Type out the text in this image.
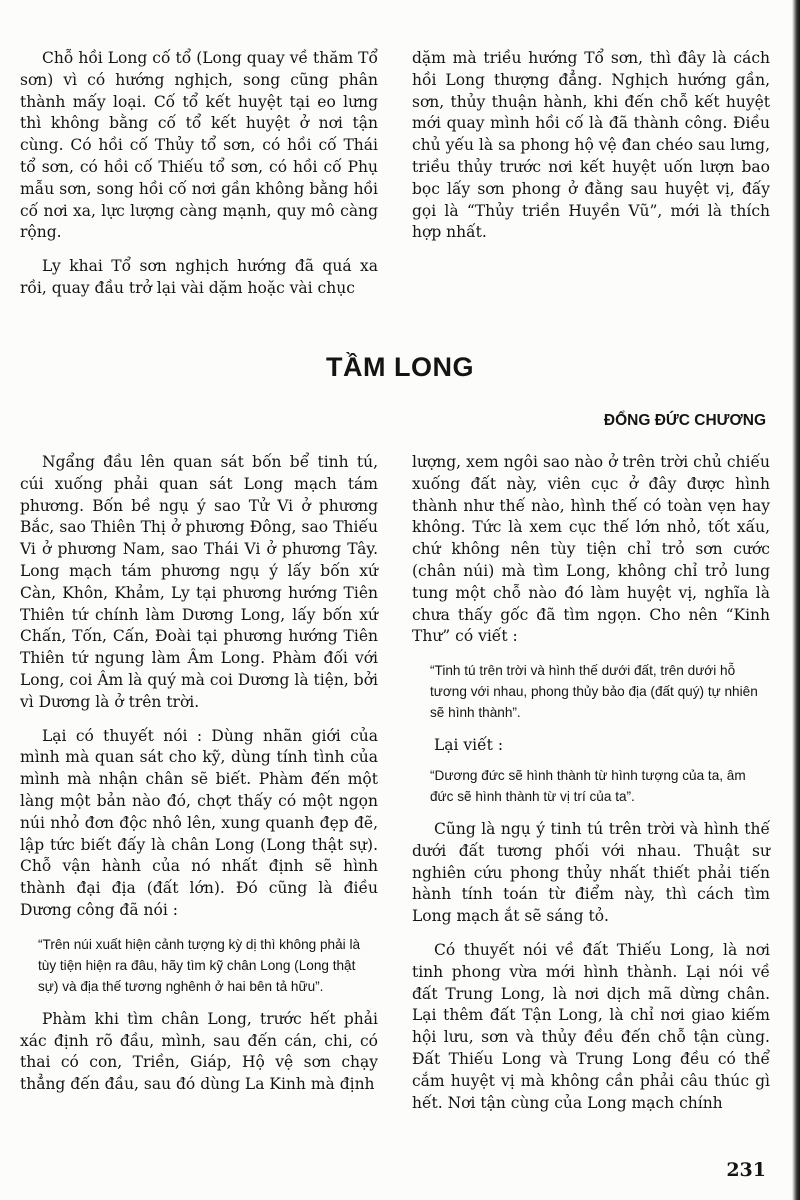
Chỗ hồi Long cố tổ (Long quay về thăm Tổ sơn) vì có hướng nghịch, song cũng phân thành mấy loại. Cố tổ kết huyệt tại eo lưng thì không bằng cố tổ kết huyệt ở nơi tận cùng. Có hồi cố Thủy tổ sơn, có hồi cố Thái tổ sơn, có hồi cố Thiếu tổ sơn, có hồi cố Phụ mẫu sơn, song hồi cố nơi gần không bằng hồi cố nơi xa, lực lượng càng mạnh, quy mô càng rộng.

Ly khai Tổ sơn nghịch hướng đã quá xa rồi, quay đầu trở lại vài dặm hoặc vài chục

dặm mà triều hướng Tổ sơn, thì đây là cách hồi Long thượng đẳng. Nghịch hướng gần, sơn, thủy thuận hành, khi đến chỗ kết huyệt mới quay mình hồi cố là đã thành công. Điều chủ yếu là sa phong hộ vệ đan chéo sau lưng, triều thủy trước nơi kết huyệt uốn lượn bao bọc lấy sơn phong ở đằng sau huyệt vị, đấy gọi là “Thủy triền Huyền Vũ”, mới là thích hợp nhất.

TẦM LONG
ĐỔNG ĐỨC CHƯƠNG

Ngẩng đầu lên quan sát bốn bể tinh tú, cúi xuống phải quan sát Long mạch tám phương. Bốn bề ngụ ý sao Tử Vi ở phương Bắc, sao Thiên Thị ở phương Đông, sao Thiếu Vi ở phương Nam, sao Thái Vi ở phương Tây. Long mạch tám phương ngụ ý lấy bốn xứ Càn, Khôn, Khảm, Ly tại phương hướng Tiên Thiên tứ chính làm Dương Long, lấy bốn xứ Chấn, Tốn, Cấn, Đoài tại phương hướng Tiên Thiên tứ ngung làm Âm Long. Phàm đối với Long, coi Âm là quý mà coi Dương là tiện, bởi vì Dương là ở trên trời.

Lại có thuyết nói : Dùng nhãn giới của mình mà quan sát cho kỹ, dùng tính tình của mình mà nhận chân sẽ biết. Phàm đến một làng một bản nào đó, chợt thấy có một ngọn núi nhỏ đơn độc nhô lên, xung quanh đẹp đẽ, lập tức biết đấy là chân Long (Long thật sự). Chỗ vận hành của nó nhất định sẽ hình thành đại địa (đất lớn). Đó cũng là điều Dương công đã nói :

“Trên núi xuất hiện cảnh tượng kỳ dị thì không phải là tùy tiện hiện ra đâu, hãy tìm kỹ chân Long (Long thật sự) và địa thế tương nghênh ở hai bên tả hữu”.

Phàm khi tìm chân Long, trước hết phải xác định rõ đầu, mình, sau đến cán, chi, có thai có con, Triền, Giáp, Hộ vệ sơn chạy thẳng đến đầu, sau đó dùng La Kinh mà định

lượng, xem ngôi sao nào ở trên trời chủ chiếu xuống đất này, viên cục ở đây được hình thành như thế nào, hình thế có toàn vẹn hay không. Tức là xem cục thế lớn nhỏ, tốt xấu, chứ không nên tùy tiện chỉ trỏ sơn cước (chân núi) mà tìm Long, không chỉ trỏ lung tung một chỗ nào đó làm huyệt vị, nghĩa là chưa thấy gốc đã tìm ngọn. Cho nên “Kinh Thư” có viết :

“Tinh tú trên trời và hình thế dưới đất, trên dưới hỗ tương với nhau, phong thủy bảo địa (đất quý) tự nhiên sẽ hình thành”.

Lại viết :

“Dương đức sẽ hình thành từ hình tượng của ta, âm đức sẽ hình thành từ vị trí của ta”.

Cũng là ngụ ý tinh tú trên trời và hình thế dưới đất tương phối với nhau. Thuật sư nghiên cứu phong thủy nhất thiết phải tiến hành tính toán từ điểm này, thì cách tìm Long mạch ắt sẽ sáng tỏ.

Có thuyết nói về đất Thiếu Long, là nơi tinh phong vừa mới hình thành. Lại nói về đất Trung Long, là nơi dịch mã dừng chân. Lại thêm đất Tận Long, là chỉ nơi giao kiếm hội lưu, sơn và thủy đều đến chỗ tận cùng. Đất Thiếu Long và Trung Long đều có thể cắm huyệt vị mà không cần phải câu thúc gì hết. Nơi tận cùng của Long mạch chính

231
